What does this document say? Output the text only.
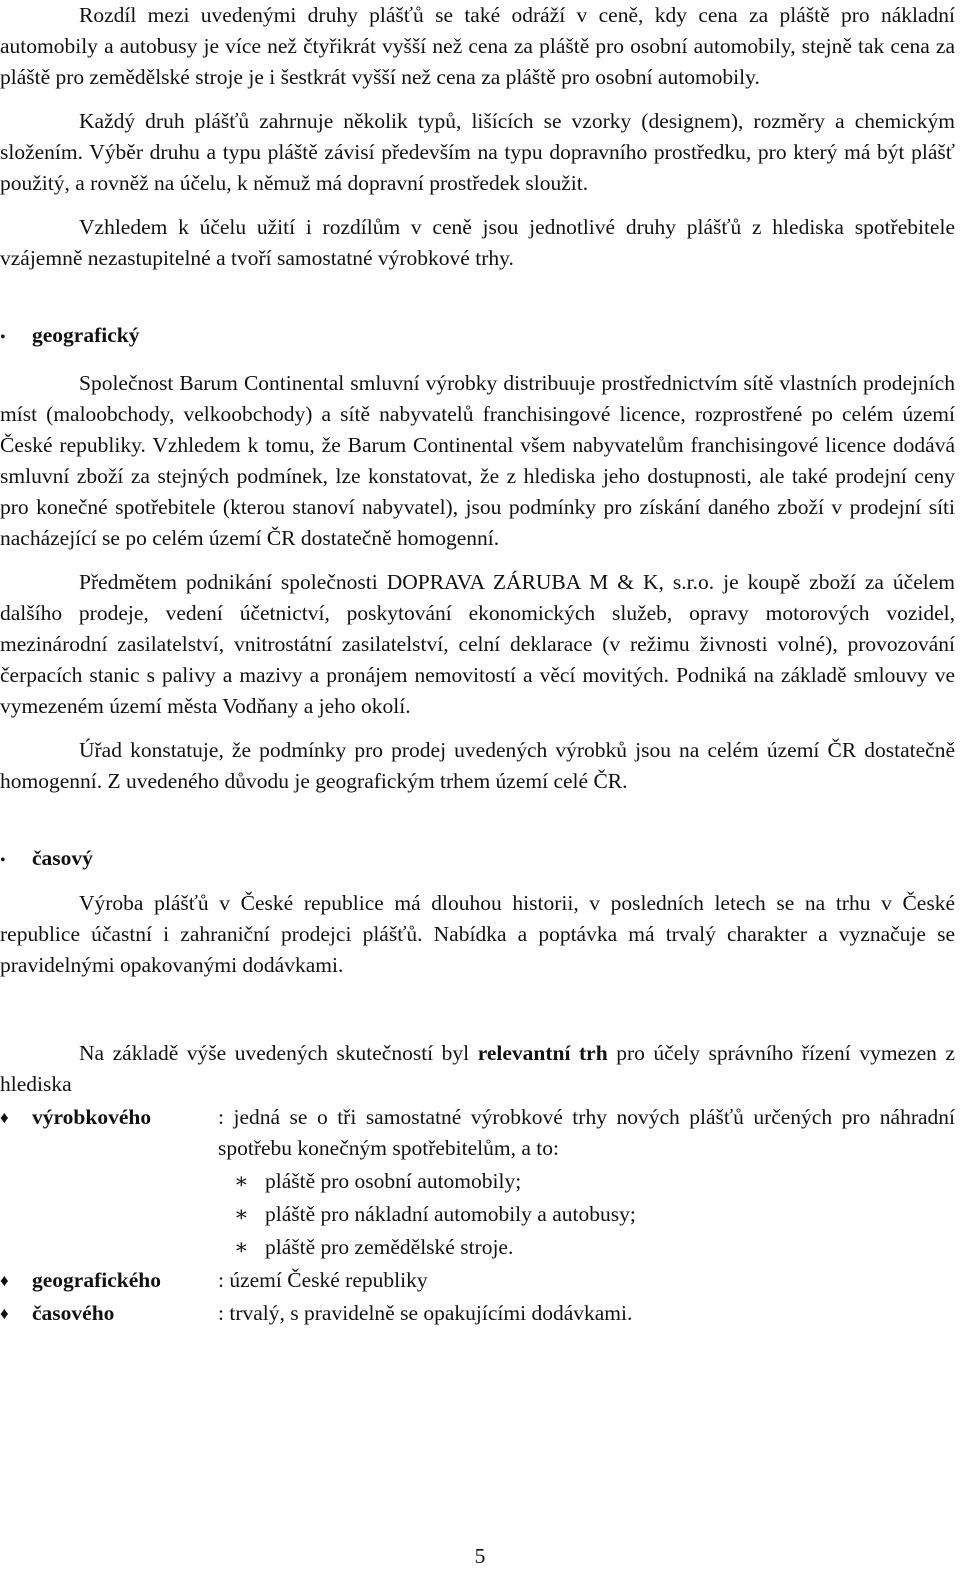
Rozdíl mezi uvedenými druhy plášťů se také odráží v ceně, kdy cena za pláště pro nákladní automobily a autobusy je více než čtyřikrát vyšší než cena za pláště pro osobní automobily, stejně tak cena za pláště pro zemědělské stroje je i šestkrát vyšší než cena za pláště pro osobní automobily.

Každý druh plášťů zahrnuje několik typů, lišících se vzorky (designem), rozměry a chemickým složením. Výběr druhu a typu pláště závisí především na typu dopravního prostředku, pro který má být plášť použitý, a rovněž na účelu, k němuž má dopravní prostředek sloužit.

Vzhledem k účelu užití i rozdílům v ceně jsou jednotlivé druhy plášťů z hlediska spotřebitele vzájemně nezastupitelné a tvoří samostatné výrobkové trhy.

•	geografický

Společnost Barum Continental smluvní výrobky distribuuje prostřednictvím sítě vlastních prodejních míst (maloobchody, velkoobchody) a sítě nabyvatelů franchisingové licence, rozprostřené po celém území České republiky. Vzhledem k tomu, že Barum Continental všem nabyvatelům franchisingové licence dodává smluvní zboží za stejných podmínek, lze konstatovat, že z hlediska jeho dostupnosti, ale také prodejní ceny pro konečné spotřebitele (kterou stanoví nabyvatel), jsou podmínky pro získání daného zboží v prodejní síti nacházející se po celém území ČR dostatečně homogenní.

Předmětem podnikání společnosti DOPRAVA ZÁRUBA M & K, s.r.o. je koupě zboží za účelem dalšího prodeje, vedení účetnictví, poskytování ekonomických služeb, opravy motorových vozidel, mezinárodní zasilatelství, vnitrostátní zasilatelství, celní deklarace (v režimu živnosti volné), provozování čerpacích stanic s palivy a mazivy a pronájem nemovitostí a věcí movitých. Podniká na základě smlouvy ve vymezeném území města Vodňany a jeho okolí.

Úřad konstatuje, že podmínky pro prodej uvedených výrobků jsou na celém území ČR dostatečně homogenní. Z uvedeného důvodu je geografickým trhem území celé ČR.

•	časový

Výroba plášťů v České republice má dlouhou historii, v posledních letech se na trhu v České republice účastní i zahraniční prodejci plášťů. Nabídka a poptávka má trvalý charakter a vyznačuje se pravidelnými opakovanými dodávkami.

Na základě výše uvedených skutečností byl relevantní trh pro účely správního řízení vymezen z hlediska

♦	výrobkového	: jedná se o tři samostatné výrobkové trhy nových plášťů určených pro náhradní spotřebu konečným spotřebitelům, a to:
∗ pláště pro osobní automobily;
∗ pláště pro nákladní automobily a autobusy;
∗ pláště pro zemědělské stroje.
♦	geografického	: území České republiky
♦	časového	: trvalý, s pravidelně se opakujícími dodávkami.
5
